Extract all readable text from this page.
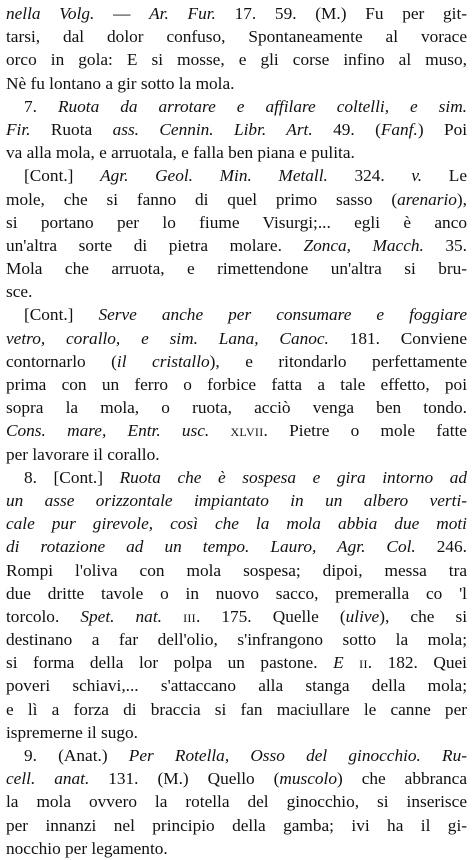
nella Volg. — Ar. Fur. 17. 59. (M.) Fu per git-
tarsi, dal dolor confuso, Spontaneamente al vorace
orco in gola: E si mosse, e gli corse infino al muso,
Nè fu lontano a gir sotto la mola.
7. Ruota da arrotare e affilare coltelli, e sim.
Fir. Ruota ass. Cennin. Libr. Art. 49. (Fanf.) Poi
va alla mola, e arruotala, e falla ben piana e pulita.
[Cont.] Agr. Geol. Min. Metall. 324. v. Le
mole, che si fanno di quel primo sasso (arenario),
si portano per lo fiume Visurgi;... egli è anco
un'altra sorte di pietra molare. Zonca, Macch. 35.
Mola che arruota, e rimettendone un'altra si bru-
sce.
[Cont.] Serve anche per consumare e foggiare
vetro, corallo, e sim. Lana, Canoc. 181. Conviene
contornarlo (il cristallo), e ritondarlo perfettamente
prima con un ferro o forbice fatta a tale effetto, poi
sopra la mola, o ruota, acciò venga ben tondo.
Cons. mare, Entr. usc. xlvii. Pietre o mole fatte
per lavorare il corallo.
8. [Cont.] Ruota che è sospesa e gira intorno ad
un asse orizzontale impiantato in un albero verti-
cale pur girevole, così che la mola abbia due moti
di rotazione ad un tempo. Lauro, Agr. Col. 246.
Rompi l'oliva con mola sospesa; dipoi, messa tra
due dritte tavole o in nuovo sacco, premeralla co 'l
torcolo. Spet. nat. iii. 175. Quelle (ulive), che si
destinano a far dell'olio, s'infrangono sotto la mola;
si forma della lor polpa un pastone. E ii. 182. Quei
poveri schiavi,... s'attaccano alla stanga della mola;
e lì a forza di braccia si fan maciullare le canne per
ispremerne il sugo.
9. (Anat.) Per Rotella, Osso del ginocchio. Ru-
cell. anat. 131. (M.) Quello (muscolo) che abbranca
la mola ovvero la rotella del ginocchio, si inserisce
per innanzi nel principio della gamba; ivi ha il gi-
nocchio per legamento.
